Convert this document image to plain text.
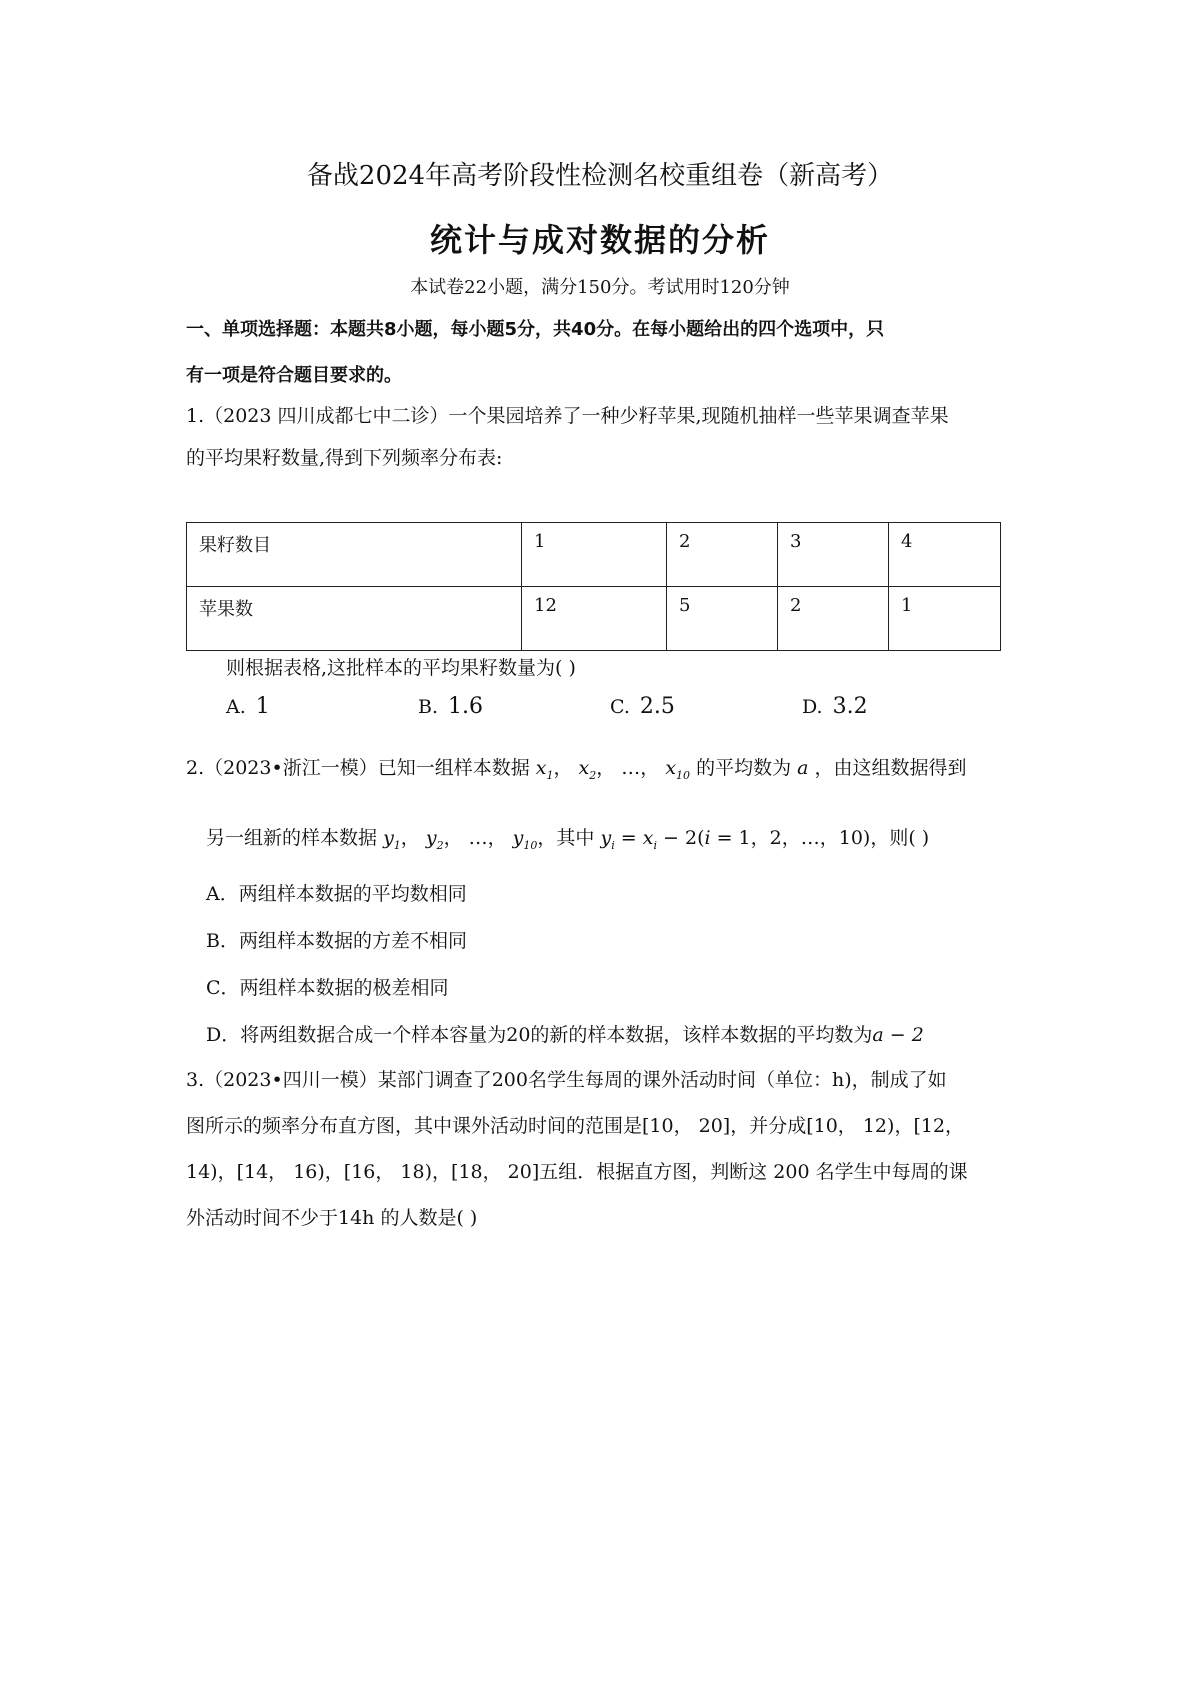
备战2024年高考阶段性检测名校重组卷（新高考）
统计与成对数据的分析
本试卷22小题，满分150分。考试用时120分钟
一、单项选择题：本题共8小题，每小题5分，共40分。在每小题给出的四个选项中，只
有一项是符合题目要求的。
1.（2023 四川成都七中二诊）一个果园培养了一种少籽苹果,现随机抽样一些苹果调查苹果
的平均果籽数量,得到下列频率分布表:
果籽数目	1	2	3	4
苹果数	12	5	2	1
则根据表格,这批样本的平均果籽数量为( )
A. 1	B. 1.6	C. 2.5	D. 3.2
2.（2023•浙江一模）已知一组样本数据 $x_1$， $x_2$， …， $x_{10}$ 的平均数为 a ，由这组数据得到
另一组新的样本数据 $y_1$， $y_2$， …， $y_{10}$，其中 $y_i = x_i - 2(i = 1$，2，…，10)，则( )
A．两组样本数据的平均数相同
B．两组样本数据的方差不相同
C．两组样本数据的极差相同
D．将两组数据合成一个样本容量为20的新的样本数据，该样本数据的平均数为a − 2
3.（2023•四川一模）某部门调查了200名学生每周的课外活动时间（单位：h)，制成了如
图所示的频率分布直方图，其中课外活动时间的范围是[10， 20]，并分成[10， 12)，[12，
14)，[14， 16)，[16， 18)，[18， 20]五组．根据直方图，判断这 200 名学生中每周的课
外活动时间不少于14h 的人数是( )
